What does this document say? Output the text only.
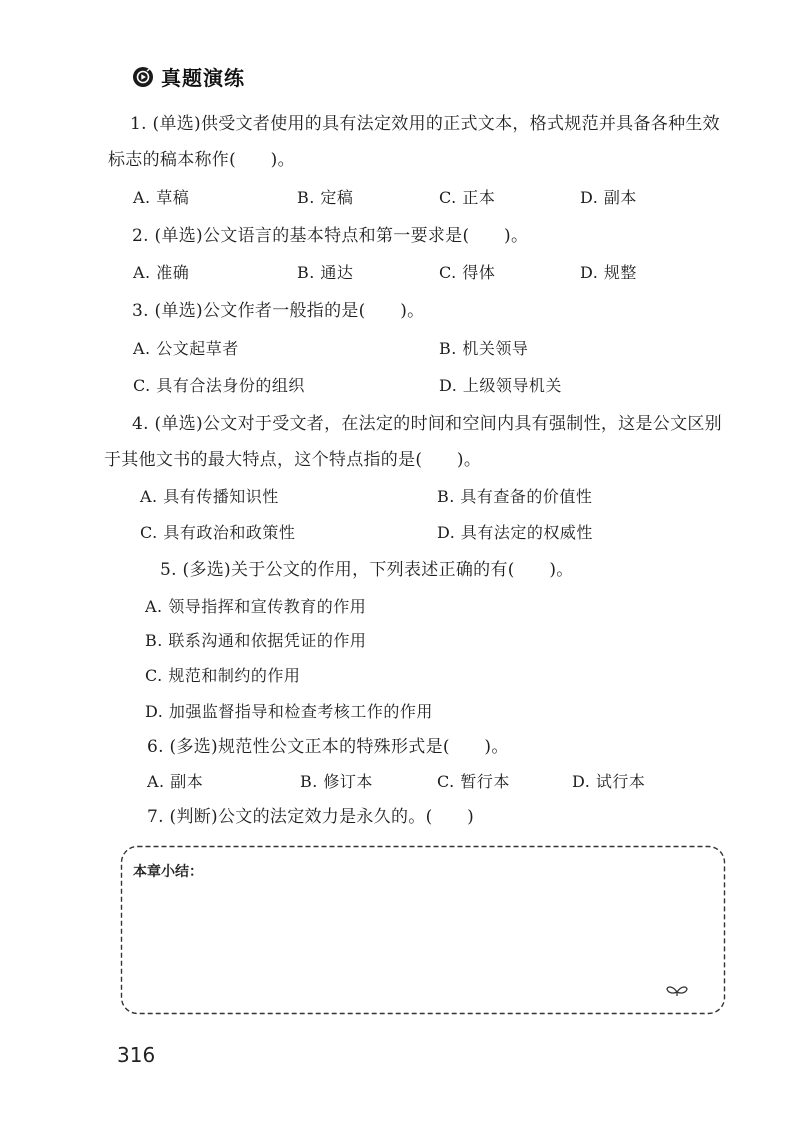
真题演练
1. (单选)供受文者使用的具有法定效用的正式文本，格式规范并具备各种生效
标志的稿本称作(　　)。
A. 草稿	B. 定稿	C. 正本	D. 副本
2. (单选)公文语言的基本特点和第一要求是(　　)。
A. 准确	B. 通达	C. 得体	D. 规整
3. (单选)公文作者一般指的是(　　)。
A. 公文起草者	B. 机关领导
C. 具有合法身份的组织	D. 上级领导机关
4. (单选)公文对于受文者，在法定的时间和空间内具有强制性，这是公文区别
于其他文书的最大特点，这个特点指的是(　　)。
A. 具有传播知识性	B. 具有查备的价值性
C. 具有政治和政策性	D. 具有法定的权威性
5. (多选)关于公文的作用，下列表述正确的有(　　)。
A. 领导指挥和宣传教育的作用
B. 联系沟通和依据凭证的作用
C. 规范和制约的作用
D. 加强监督指导和检查考核工作的作用
6. (多选)规范性公文正本的特殊形式是(　　)。
A. 副本	B. 修订本	C. 暂行本	D. 试行本
7. (判断)公文的法定效力是永久的。(　　)
本章小结：
316
